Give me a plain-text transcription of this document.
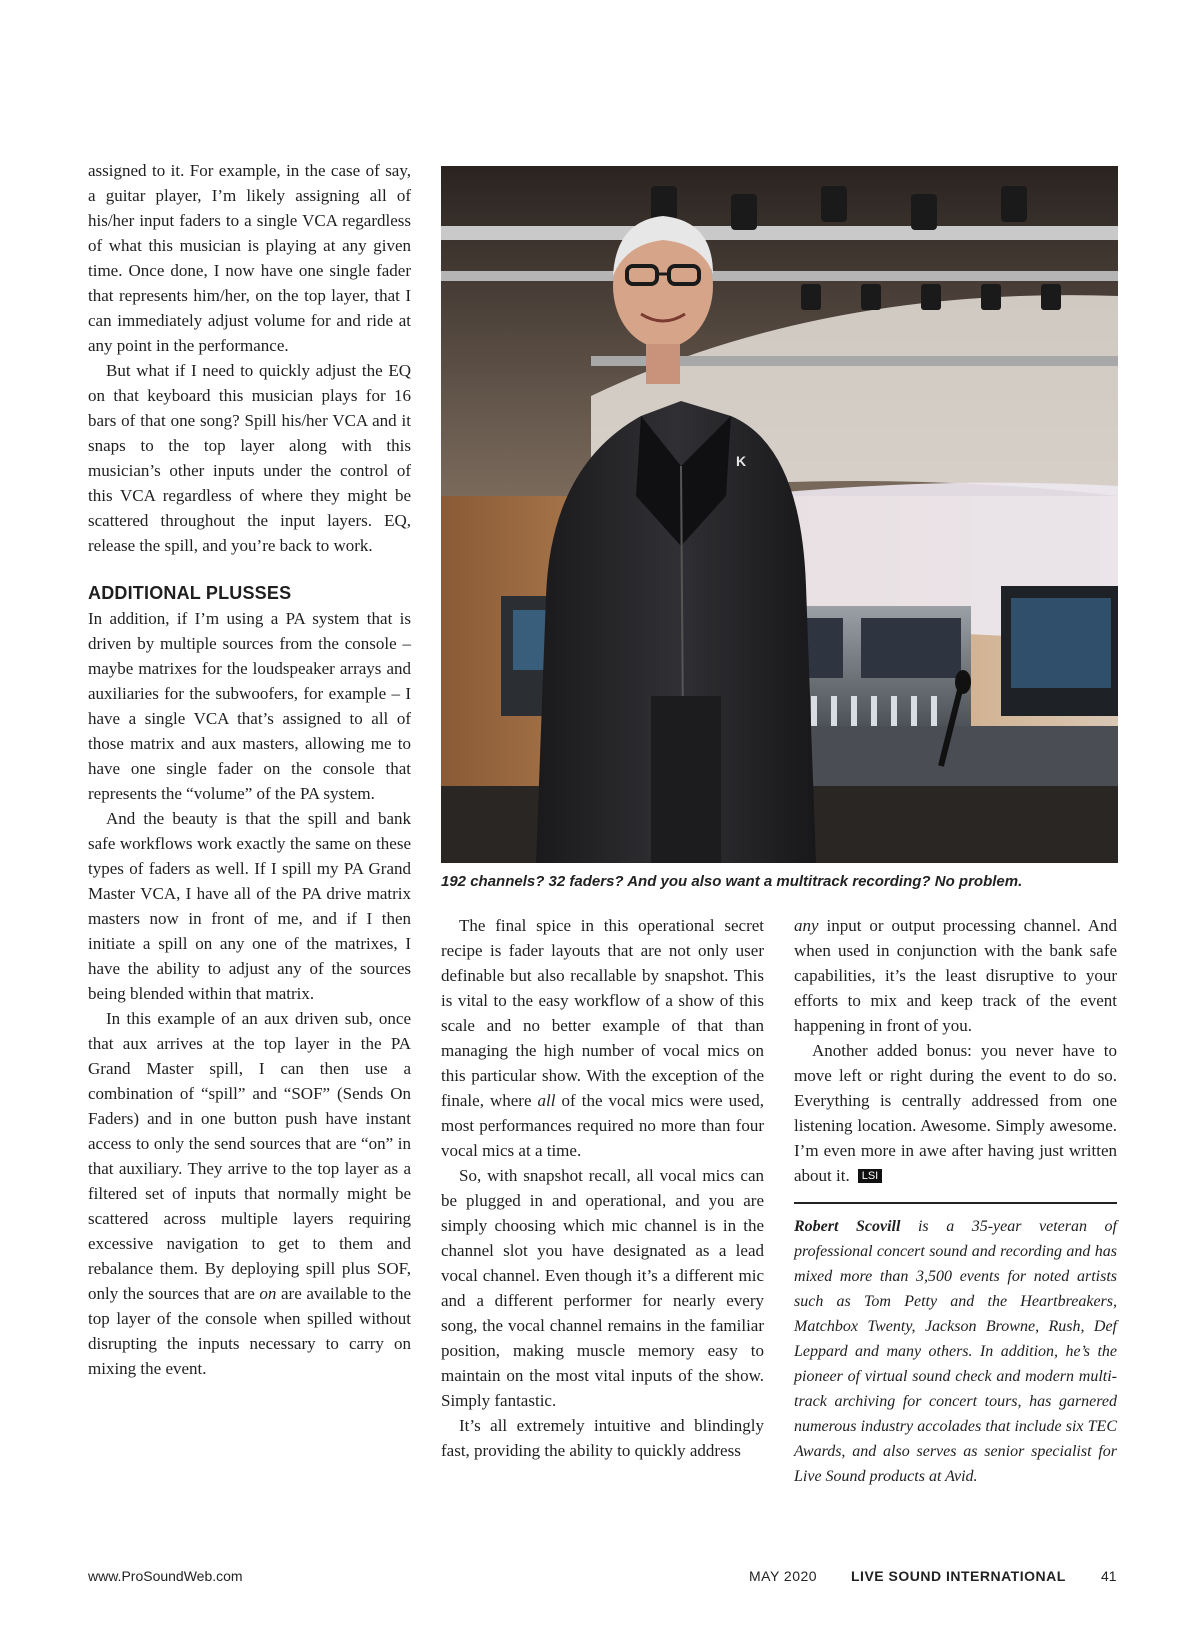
assigned to it. For example, in the case of say, a guitar player, I’m likely assigning all of his/her input faders to a single VCA regardless of what this musician is playing at any given time. Once done, I now have one single fader that represents him/her, on the top layer, that I can immediately adjust volume for and ride at any point in the performance.

But what if I need to quickly adjust the EQ on that keyboard this musician plays for 16 bars of that one song? Spill his/her VCA and it snaps to the top layer along with this musician’s other inputs under the control of this VCA regardless of where they might be scattered throughout the input layers. EQ, release the spill, and you’re back to work.

ADDITIONAL PLUSSES

In addition, if I’m using a PA system that is driven by multiple sources from the console – maybe matrixes for the loudspeaker arrays and auxiliaries for the subwoofers, for example – I have a single VCA that’s assigned to all of those matrix and aux masters, allowing me to have one single fader on the console that represents the “volume” of the PA system.

And the beauty is that the spill and bank safe workflows work exactly the same on these types of faders as well. If I spill my PA Grand Master VCA, I have all of the PA drive matrix masters now in front of me, and if I then initiate a spill on any one of the matrixes, I have the ability to adjust any of the sources being blended within that matrix.

In this example of an aux driven sub, once that aux arrives at the top layer in the PA Grand Master spill, I can then use a combination of “spill” and “SOF” (Sends On Faders) and in one button push have instant access to only the send sources that are “on” in that auxiliary. They arrive to the top layer as a filtered set of inputs that normally might be scattered across multiple layers requiring excessive navigation to get to them and rebalance them. By deploying spill plus SOF, only the sources that are on are available to the top layer of the console when spilled without disrupting the inputs necessary to carry on mixing the event.

K
192 channels? 32 faders? And you also want a multitrack recording? No problem.

The final spice in this operational secret recipe is fader layouts that are not only user definable but also recallable by snapshot. This is vital to the easy workflow of a show of this scale and no better example of that than managing the high number of vocal mics on this particular show. With the exception of the finale, where all of the vocal mics were used, most performances required no more than four vocal mics at a time.

So, with snapshot recall, all vocal mics can be plugged in and operational, and you are simply choosing which mic channel is in the channel slot you have designated as a lead vocal channel. Even though it’s a different mic and a different performer for nearly every song, the vocal channel remains in the familiar position, making muscle memory easy to maintain on the most vital inputs of the show. Simply fantastic.

It’s all extremely intuitive and blindingly fast, providing the ability to quickly address

any input or output processing channel. And when used in conjunction with the bank safe capabilities, it’s the least disruptive to your efforts to mix and keep track of the event happening in front of you.

Another added bonus: you never have to move left or right during the event to do so. Everything is centrally addressed from one listening location. Awesome. Simply awesome. I’m even more in awe after having just written about it. LSI

Robert Scovill is a 35-year veteran of professional concert sound and recording and has mixed more than 3,500 events for noted artists such as Tom Petty and the Heartbreakers, Matchbox Twenty, Jackson Browne, Rush, Def Leppard and many others. In addition, he’s the pioneer of virtual sound check and modern multi-track archiving for concert tours, has garnered numerous industry accolades that include six TEC Awards, and also serves as senior specialist for Live Sound products at Avid.
www.ProSoundWeb.com	MAY 2020 LIVE SOUND INTERNATIONAL	41
